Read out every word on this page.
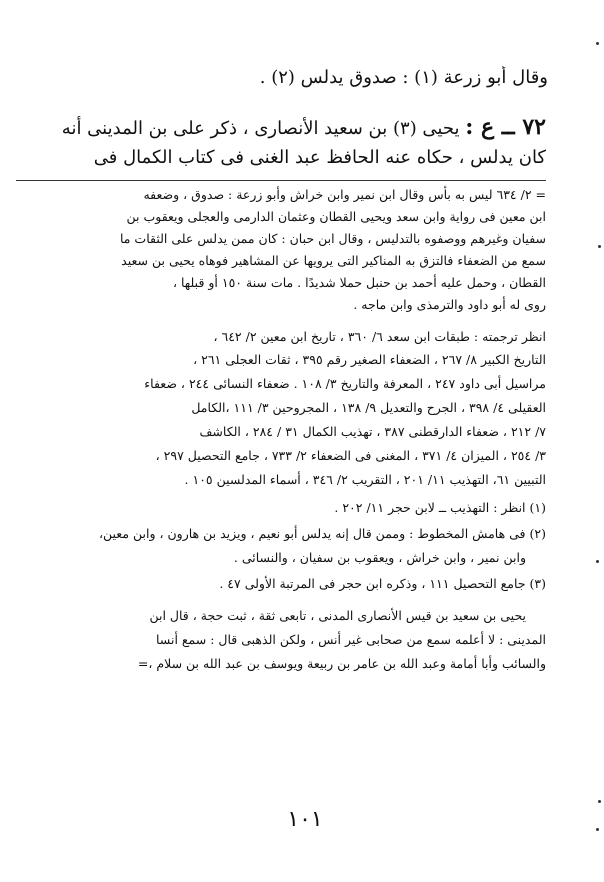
وقال أبو زرعة (١) : صدوق يدلس (٢) .
٧٢ ــ ع : يحيى (٣) بن سعيد الأنصارى ، ذكر على بن المدينى أنه
كان يدلس ، حكاه عنه الحافظ عبد الغنى فى كتاب الكمال فى
= ٢/ ٦٣٤ ليس به بأس وقال ابن نمير وابن خراش وأبو زرعة : صدوق ، وضعفه
ابن معين فى رواية وابن سعد ويحيى القطان وعثمان الدارمى والعجلى ويعقوب بن
سفيان وغيرهم ووصفوه بالتدليس ، وقال ابن حبان : كان ممن يدلس على الثقات ما
سمع من الضعفاء فالتزق به المناكير التى يرويها عن المشاهير فوهاه يحيى بن سعيد
القطان ، وحمل عليه أحمد بن حنبل حملا شديدًا . مات سنة ١٥٠ أو قبلها ،
روى له أبو داود والترمذى وابن ماجه .
انظر ترجمته : طبقات ابن سعد ٦/ ٣٦٠ ، تاريخ ابن معين ٢/ ٦٤٢ ،
التاريخ الكبير ٨/ ٢٦٧ ، الضعفاء الصغير رقم ٣٩٥ ، ثقات العجلى ٢٦١ ،
مراسيل أبى داود ٢٤٧ ، المعرفة والتاريخ ٣/ ١٠٨ . ضعفاء النسائى ٢٤٤ ، ضعفاء
العقيلى ٤/ ٣٩٨ ، الجرح والتعديل ٩/ ١٣٨ ، المجروحين ٣/ ١١١ ،الكامل
٧/ ٢١٢ ، ضعفاء الدارقطنى ٣٨٧ ، تهذيب الكمال ٣١ / ٢٨٤ ، الكاشف
٣/ ٢٥٤ ، الميزان ٤/ ٣٧١ ، المغنى فى الضعفاء ٢/ ٧٣٣ ، جامع التحصيل ٢٩٧ ،
التبيين ٦١، التهذيب ١١/ ٢٠١ ، التقريب ٢/ ٣٤٦ ، أسماء المدلسين ١٠٥ .
(١) انظر : التهذيب ــ لابن حجر ١١/ ٢٠٢ .
(٢) فى هامش المخطوط : وممن قال إنه يدلس أبو نعيم ، ويزيد بن هارون ، وابن معين،
وابن نمير ، وابن خراش ، ويعقوب بن سفيان ، والنسائى .
(٣) جامع التحصيل ١١١ ، وذكره ابن حجر فى المرتبة الأولى ٤٧ .
يحيى بن سعيد بن قيس الأنصارى المدنى ، تابعى ثقة ، ثبت حجة ، قال ابن
المدينى : لا أعلمه سمع من صحابى غير أنس ، ولكن الذهبى قال : سمع أنسا
والسائب وأبا أمامة وعبد الله بن عامر بن ربيعة ويوسف بن عبد الله بن سلام ،=
١٠١
